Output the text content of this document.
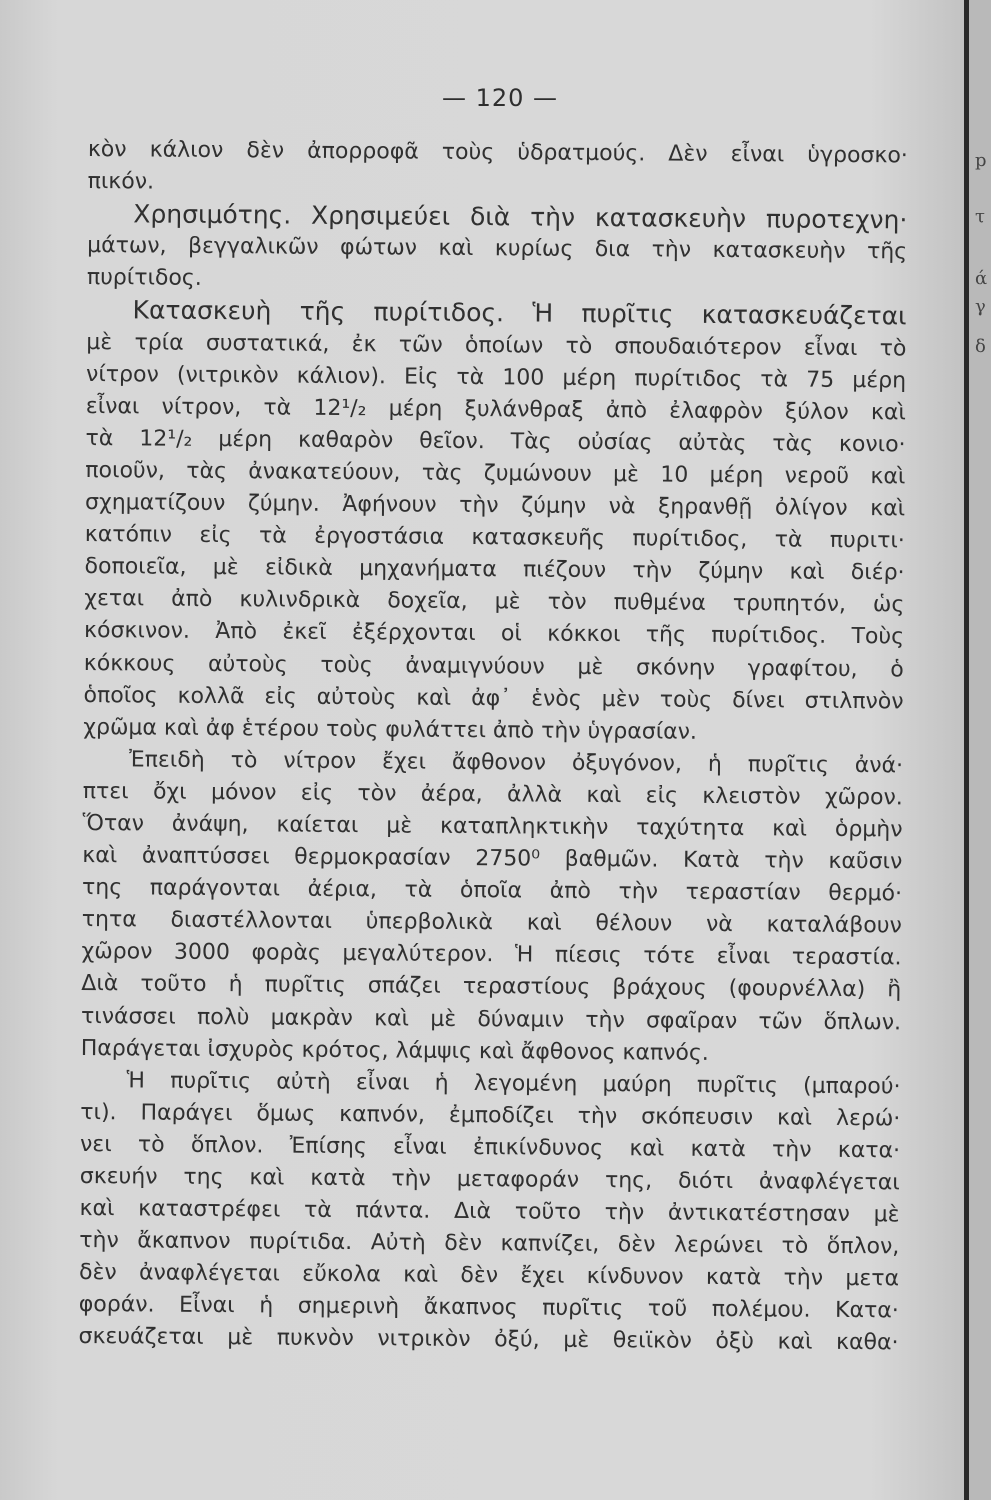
— 120 —
κὸν κάλιον δὲν ἀπορροφᾶ τοὺς ὑδρατμούς. Δὲν εἶναι ὑγροσκο·
πικόν.
Χρησιμότης. Χρησιμεύει διὰ τὴν κατασκευὴν πυροτεχνη·
μάτων, βεγγαλικῶν φώτων καὶ κυρίως δια τὴν κατασκευὴν τῆς
πυρίτιδος.
Κατασκευὴ τῆς πυρίτιδος. Ἡ πυρῖτις κατασκευάζεται
μὲ τρία συστατικά, ἐκ τῶν ὁποίων τὸ σπουδαιότερον εἶναι τὸ
νίτρον (νιτρικὸν κάλιον). Εἰς τὰ 100 μέρη πυρίτιδος τὰ 75 μέρη
εἶναι νίτρον, τὰ 12¹/₂ μέρη ξυλάνθραξ ἀπὸ ἐλαφρὸν ξύλον καὶ
τὰ 12¹/₂ μέρη καθαρὸν θεῖον. Τὰς οὐσίας αὐτὰς τὰς κονιο·
ποιοῦν, τὰς ἀνακατεύουν, τὰς ζυμώνουν μὲ 10 μέρη νεροῦ καὶ
σχηματίζουν ζύμην. Ἀφήνουν τὴν ζύμην νὰ ξηρανθῇ ὀλίγον καὶ
κατόπιν εἰς τὰ ἐργοστάσια κατασκευῆς πυρίτιδος, τὰ πυριτι·
δοποιεῖα, μὲ εἰδικὰ μηχανήματα πιέζουν τὴν ζύμην καὶ διέρ·
χεται ἀπὸ κυλινδρικὰ δοχεῖα, μὲ τὸν πυθμένα τρυπητόν, ὡς
κόσκινον. Ἀπὸ ἐκεῖ ἐξέρχονται οἱ κόκκοι τῆς πυρίτιδος. Τοὺς
κόκκους αὐτοὺς τοὺς ἀναμιγνύουν μὲ σκόνην γραφίτου, ὁ
ὁποῖος κολλᾶ εἰς αὐτοὺς καὶ ἀφ᾽ ἑνὸς μὲν τοὺς δίνει στιλπνὸν
χρῶμα καὶ ἀφ ἑτέρου τοὺς φυλάττει ἀπὸ τὴν ὑγρασίαν.
Ἐπειδὴ τὸ νίτρον ἔχει ἄφθονον ὀξυγόνον, ἡ πυρῖτις ἀνά·
πτει ὄχι μόνον εἰς τὸν ἀέρα, ἀλλὰ καὶ εἰς κλειστὸν χῶρον.
Ὅταν ἀνάψη, καίεται μὲ καταπληκτικὴν ταχύτητα καὶ ὁρμὴν
καὶ ἀναπτύσσει θερμοκρασίαν 2750⁰ βαθμῶν. Κατὰ τὴν καῦσιν
της παράγονται ἀέρια, τὰ ὁποῖα ἀπὸ τὴν τεραστίαν θερμό·
τητα διαστέλλονται ὑπερβολικὰ καὶ θέλουν νὰ καταλάβουν
χῶρον 3000 φορὰς μεγαλύτερον. Ἡ πίεσις τότε εἶναι τεραστία.
Διὰ τοῦτο ἡ πυρῖτις σπάζει τεραστίους βράχους (φουρνέλλα) ἢ
τινάσσει πολὺ μακρὰν καὶ μὲ δύναμιν τὴν σφαῖραν τῶν ὅπλων.
Παράγεται ἰσχυρὸς κρότος, λάμψις καὶ ἄφθονος καπνός.
Ἡ πυρῖτις αὐτὴ εἶναι ἡ λεγομένη μαύρη πυρῖτις (μπαρού·
τι). Παράγει ὅμως καπνόν, ἐμποδίζει τὴν σκόπευσιν καὶ λερώ·
νει τὸ ὅπλον. Ἐπίσης εἶναι ἐπικίνδυνος καὶ κατὰ τὴν κατα·
σκευήν της καὶ κατὰ τὴν μεταφοράν της, διότι ἀναφλέγεται
καὶ καταστρέφει τὰ πάντα. Διὰ τοῦτο τὴν ἀντικατέστησαν μὲ
τὴν ἄκαπνον πυρίτιδα. Αὐτὴ δὲν καπνίζει, δὲν λερώνει τὸ ὅπλον,
δὲν ἀναφλέγεται εὔκολα καὶ δὲν ἔχει κίνδυνον κατὰ τὴν μετα
φοράν. Εἶναι ἡ σημερινὴ ἄκαπνος πυρῖτις τοῦ πολέμου. Κατα·
σκευάζεται μὲ πυκνὸν νιτρικὸν ὀξύ, μὲ θειϊκὸν ὀξὺ καὶ καθα·
p
τ
ά
γ
δ
